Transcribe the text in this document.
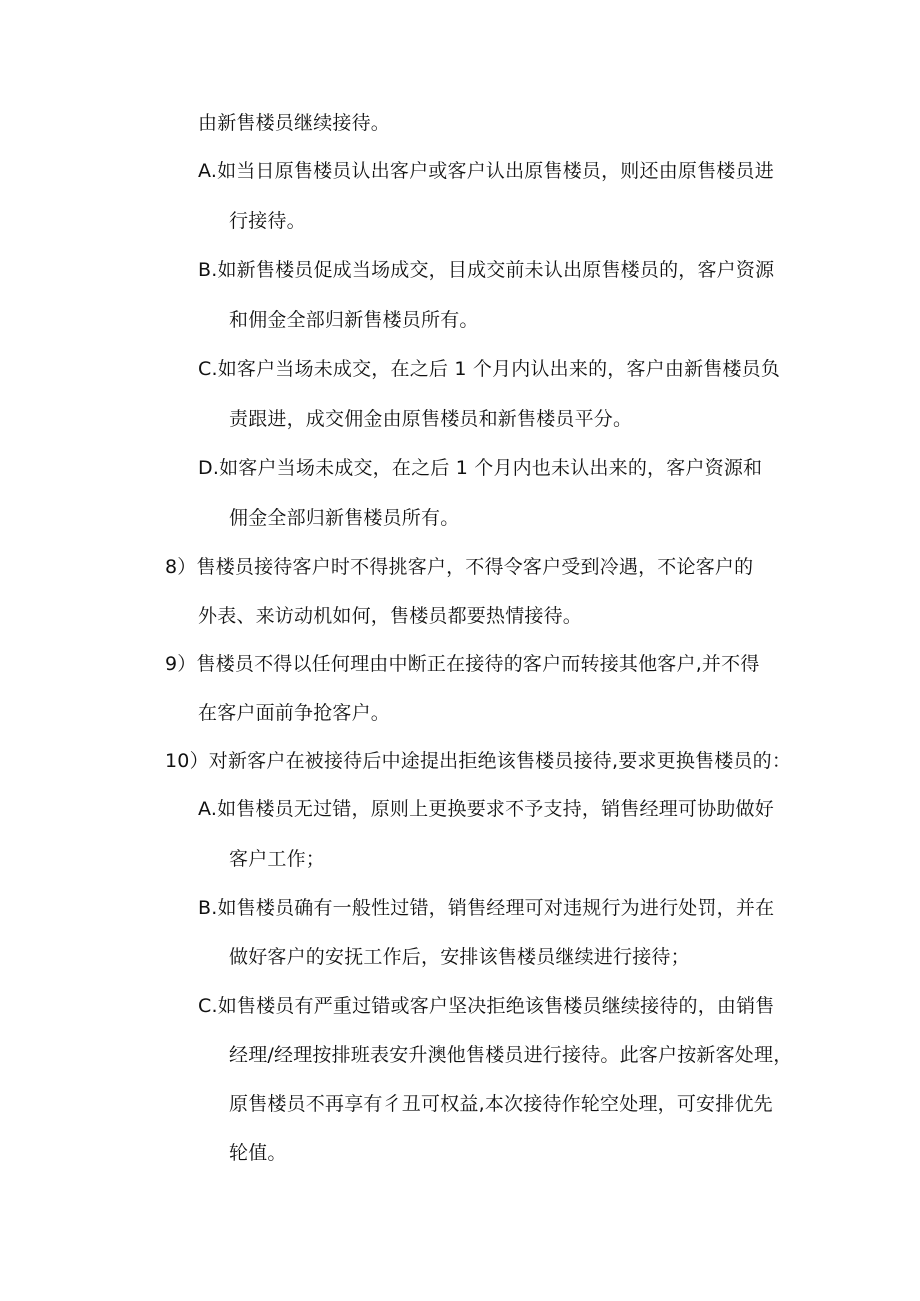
由新售楼员继续接待。
A.如当日原售楼员认出客户或客户认出原售楼员，则还由原售楼员进
行接待。
B.如新售楼员促成当场成交，目成交前未认出原售楼员的，客户资源
和佣金全部归新售楼员所有。
C.如客户当场未成交，在之后 1 个月内认出来的，客户由新售楼员负
责跟进，成交佣金由原售楼员和新售楼员平分。
D.如客户当场未成交，在之后 1 个月内也未认出来的，客户资源和
佣金全部归新售楼员所有。
8）售楼员接待客户时不得挑客户，不得令客户受到冷遇，不论客户的
外表、来访动机如何，售楼员都要热情接待。
9）售楼员不得以任何理由中断正在接待的客户而转接其他客户,并不得
在客户面前争抢客户。
10）对新客户在被接待后中途提出拒绝该售楼员接待,要求更换售楼员的：
A.如售楼员无过错，原则上更换要求不予支持，销售经理可协助做好
客户工作；
B.如售楼员确有一般性过错，销售经理可对违规行为进行处罚，并在
做好客户的安抚工作后，安排该售楼员继续进行接待；
C.如售楼员有严重过错或客户坚决拒绝该售楼员继续接待的，由销售
经理/经理按排班表安升澳他售楼员进行接待。此客户按新客处理，
原售楼员不再享有彳丑可权益,本次接待作轮空处理，可安排优先
轮值。
